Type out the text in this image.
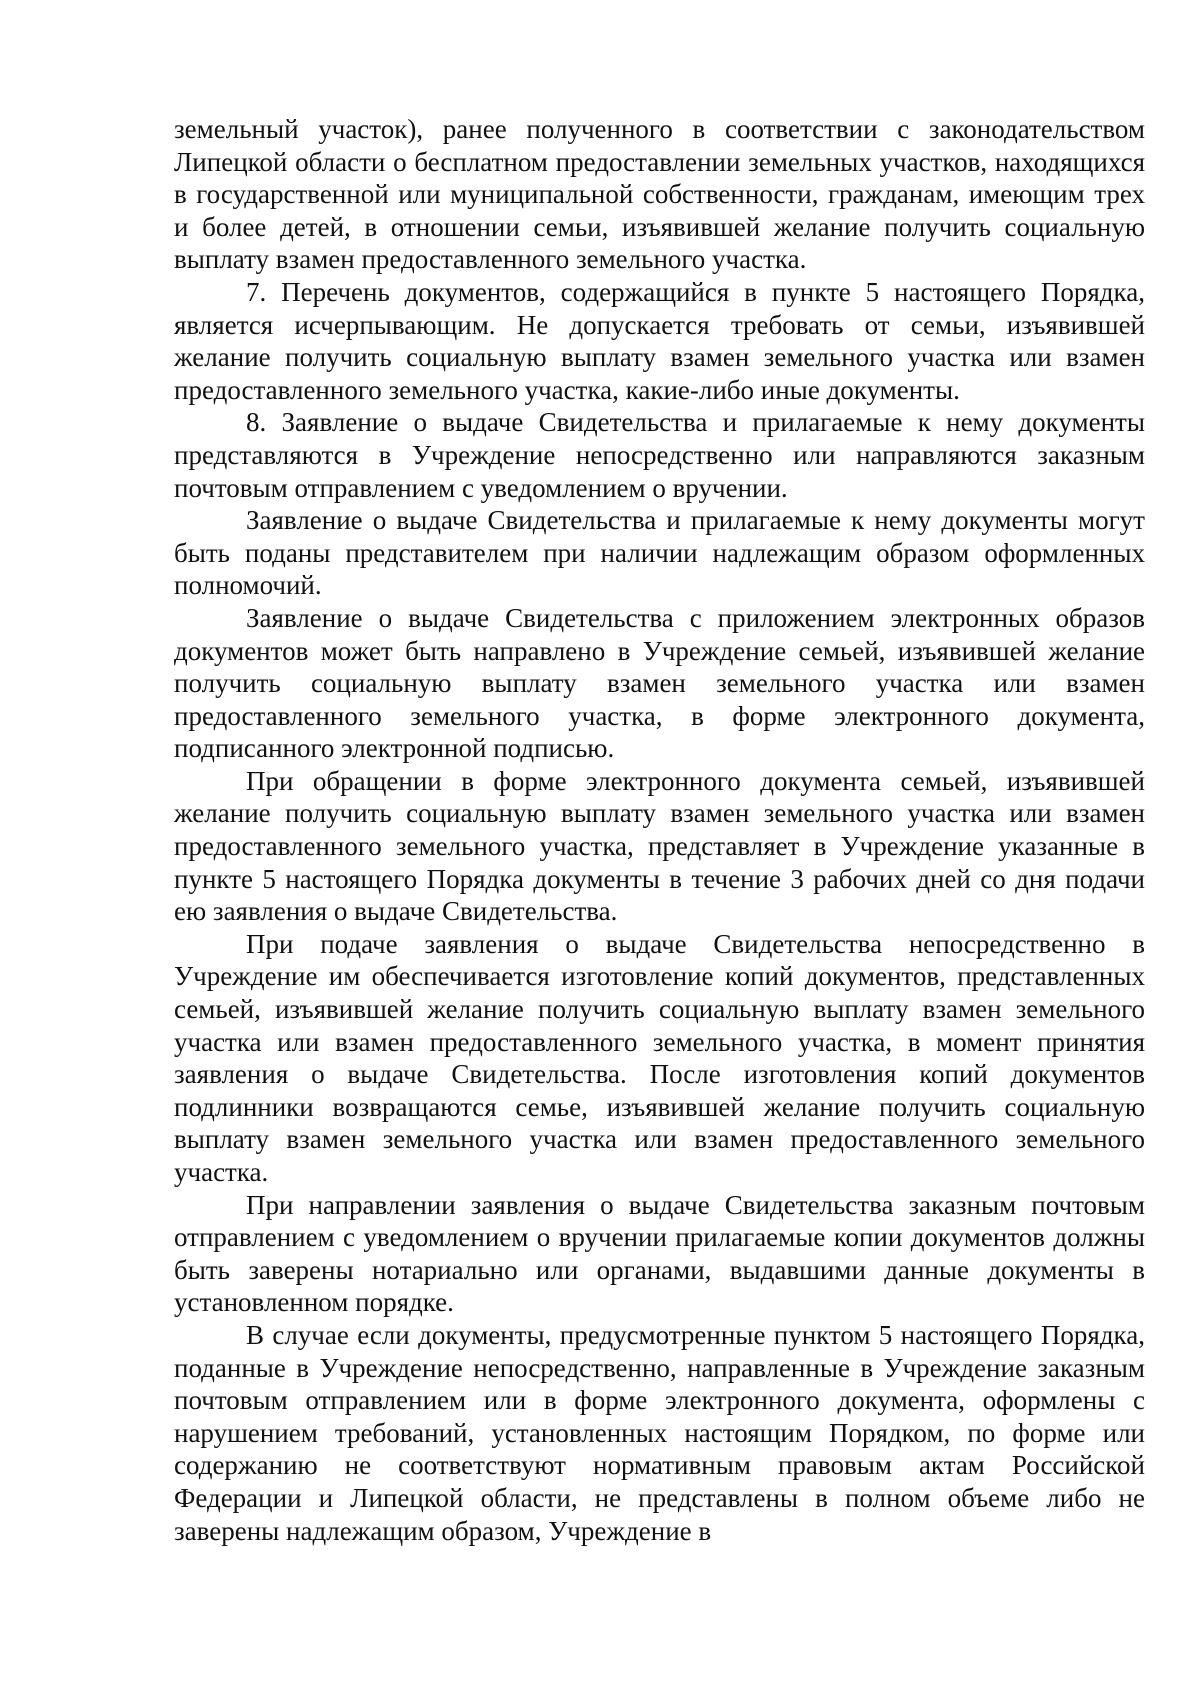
земельный участок), ранее полученного в соответствии с законодательством Липецкой области о бесплатном предоставлении земельных участков, находящихся в государственной или муниципальной собственности, гражданам, имеющим трех и более детей, в отношении семьи, изъявившей желание получить социальную выплату взамен предоставленного земельного участка.

7. Перечень документов, содержащийся в пункте 5 настоящего Порядка, является исчерпывающим. Не допускается требовать от семьи, изъявившей желание получить социальную выплату взамен земельного участка или взамен предоставленного земельного участка, какие-либо иные документы.

8. Заявление о выдаче Свидетельства и прилагаемые к нему документы представляются в Учреждение непосредственно или направляются заказным почтовым отправлением с уведомлением о вручении.

Заявление о выдаче Свидетельства и прилагаемые к нему документы могут быть поданы представителем при наличии надлежащим образом оформленных полномочий.

Заявление о выдаче Свидетельства с приложением электронных образов документов может быть направлено в Учреждение семьей, изъявившей желание получить социальную выплату взамен земельного участка или взамен предоставленного земельного участка, в форме электронного документа, подписанного электронной подписью.

При обращении в форме электронного документа семьей, изъявившей желание получить социальную выплату взамен земельного участка или взамен предоставленного земельного участка, представляет в Учреждение указанные в пункте 5 настоящего Порядка документы в течение 3 рабочих дней со дня подачи ею заявления о выдаче Свидетельства.

При подаче заявления о выдаче Свидетельства непосредственно в Учреждение им обеспечивается изготовление копий документов, представленных семьей, изъявившей желание получить социальную выплату взамен земельного участка или взамен предоставленного земельного участка, в момент принятия заявления о выдаче Свидетельства. После изготовления копий документов подлинники возвращаются семье, изъявившей желание получить социальную выплату взамен земельного участка или взамен предоставленного земельного участка.

При направлении заявления о выдаче Свидетельства заказным почтовым отправлением с уведомлением о вручении прилагаемые копии документов должны быть заверены нотариально или органами, выдавшими данные документы в установленном порядке.

В случае если документы, предусмотренные пунктом 5 настоящего Порядка, поданные в Учреждение непосредственно, направленные в Учреждение заказным почтовым отправлением или в форме электронного документа, оформлены с нарушением требований, установленных настоящим Порядком, по форме или содержанию не соответствуют нормативным правовым актам Российской Федерации и Липецкой области, не представлены в полном объеме либо не заверены надлежащим образом, Учреждение в
